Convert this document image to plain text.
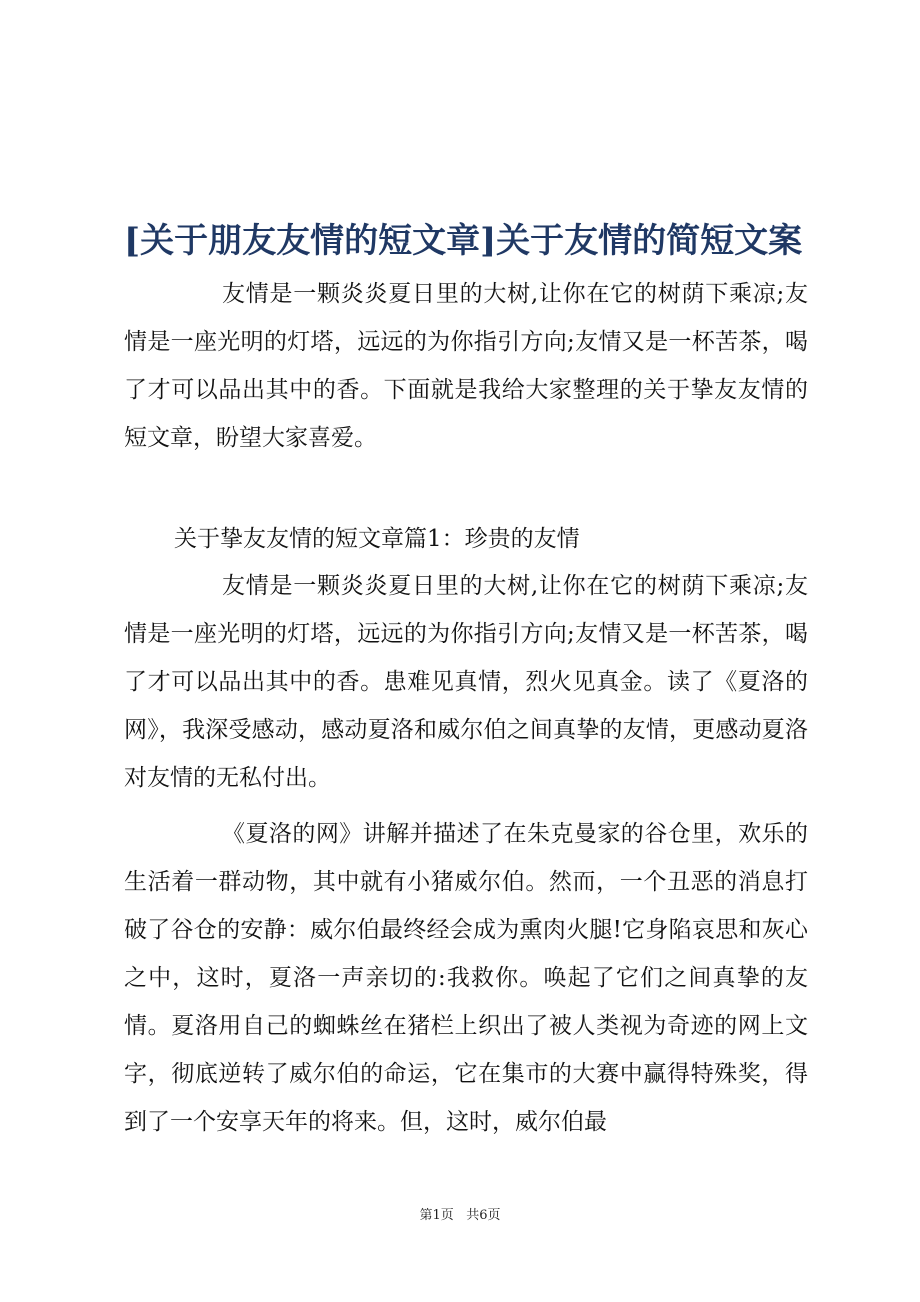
[关于朋友友情的短文章]关于友情的简短文案

友情是一颗炎炎夏日里的大树,让你在它的树荫下乘凉;友情是一座光明的灯塔，远远的为你指引方向;友情又是一杯苦茶，喝了才可以品出其中的香。下面就是我给大家整理的关于挚友友情的短文章，盼望大家喜爱。

关于挚友友情的短文章篇1：珍贵的友情

友情是一颗炎炎夏日里的大树,让你在它的树荫下乘凉;友情是一座光明的灯塔，远远的为你指引方向;友情又是一杯苦茶，喝了才可以品出其中的香。患难见真情，烈火见真金。读了《夏洛的网》，我深受感动，感动夏洛和威尔伯之间真挚的友情，更感动夏洛对友情的无私付出。

《夏洛的网》讲解并描述了在朱克曼家的谷仓里，欢乐的生活着一群动物，其中就有小猪威尔伯。然而，一个丑恶的消息打破了谷仓的安静：威尔伯最终经会成为熏肉火腿!它身陷哀思和灰心之中，这时，夏洛一声亲切的:我救你。唤起了它们之间真挚的友情。夏洛用自己的蜘蛛丝在猪栏上织出了被人类视为奇迹的网上文字，彻底逆转了威尔伯的命运，它在集市的大赛中赢得特殊奖，得到了一个安享天年的将来。但，这时，威尔伯最

第1页 共6页
